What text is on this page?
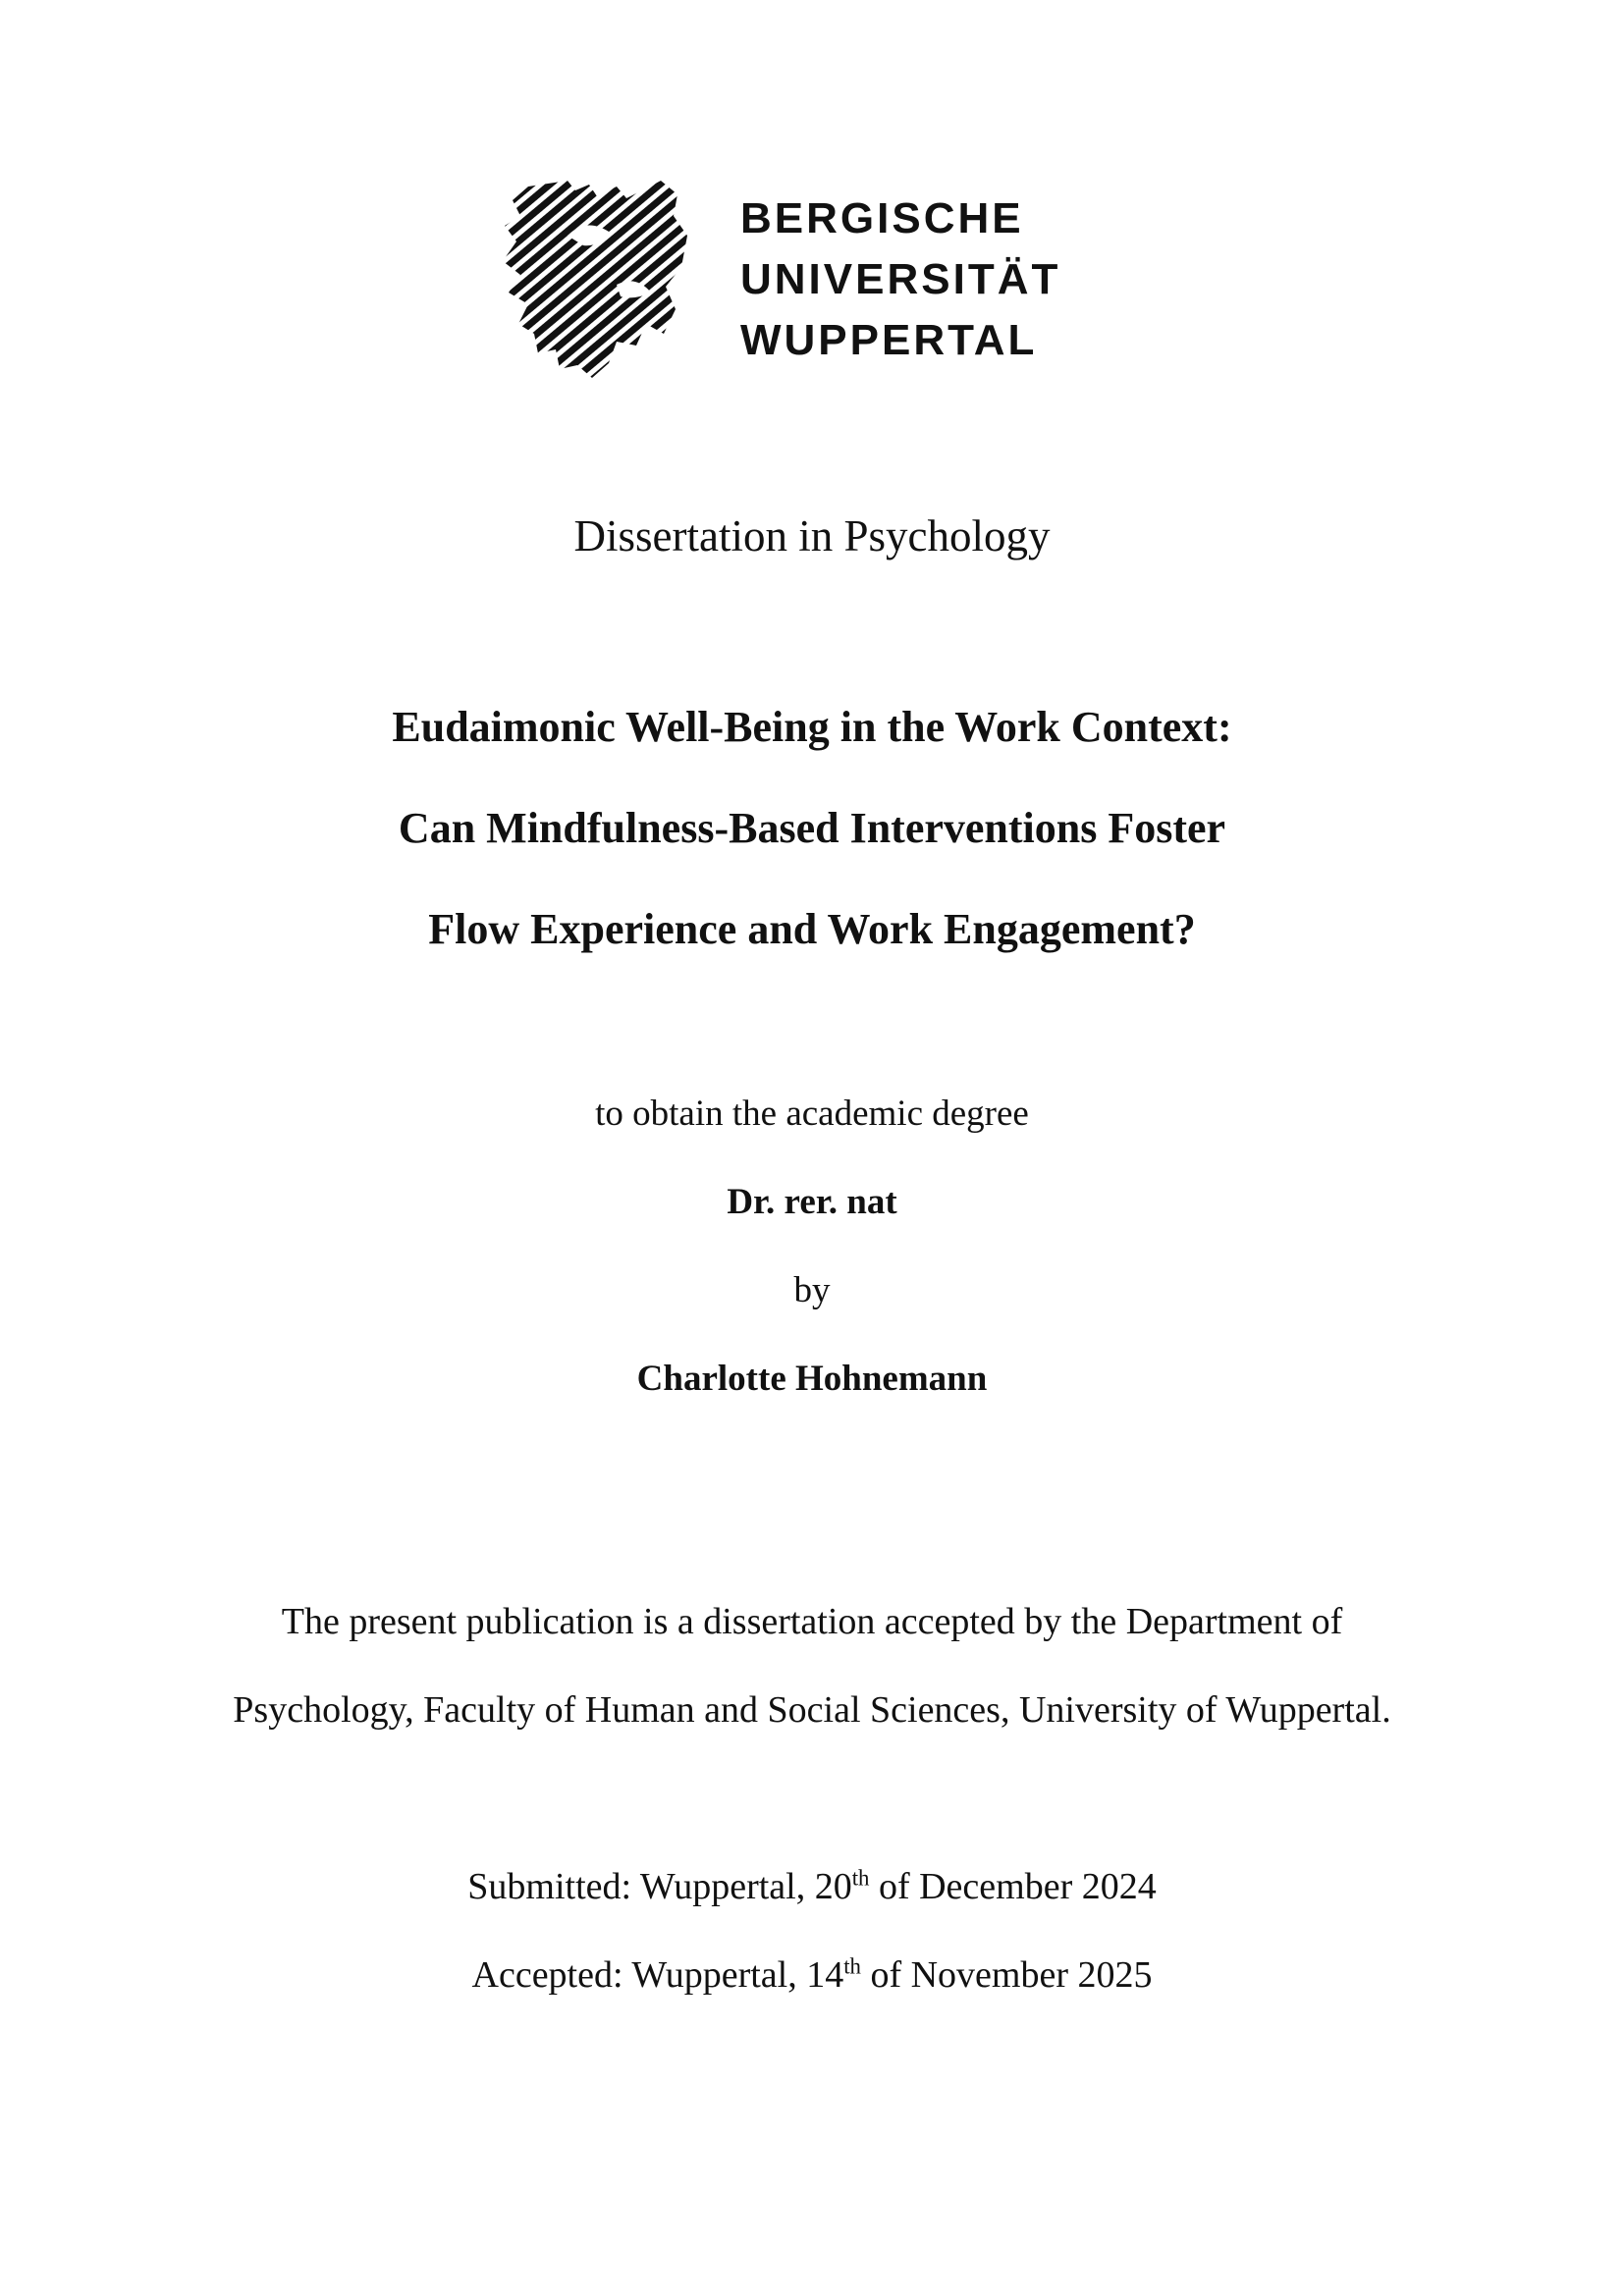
BERGISCHE
UNIVERSITÄT
WUPPERTAL
Dissertation in Psychology
Eudaimonic Well-Being in the Work Context:
Can Mindfulness-Based Interventions Foster
Flow Experience and Work Engagement?
to obtain the academic degree
Dr. rer. nat
by
Charlotte Hohnemann
The present publication is a dissertation accepted by the Department of
Psychology, Faculty of Human and Social Sciences, University of Wuppertal.
Submitted: Wuppertal, 20th of December 2024
Accepted: Wuppertal, 14th of November 2025
